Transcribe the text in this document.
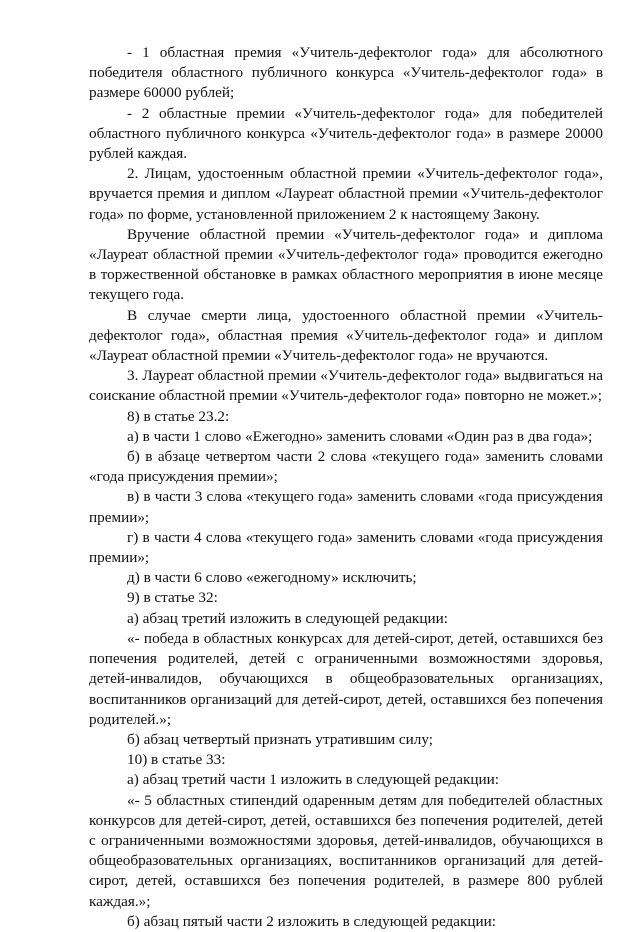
- 1 областная премия «Учитель-дефектолог года» для абсолютного победителя областного публичного конкурса «Учитель-дефектолог года» в размере 60000 рублей;

- 2 областные премии «Учитель-дефектолог года» для победителей областного публичного конкурса «Учитель-дефектолог года» в размере 20000 рублей каждая.

2. Лицам, удостоенным областной премии «Учитель-дефектолог года», вручается премия и диплом «Лауреат областной премии «Учитель-дефектолог года» по форме, установленной приложением 2 к настоящему Закону.

Вручение областной премии «Учитель-дефектолог года» и диплома «Лауреат областной премии «Учитель-дефектолог года» проводится ежегодно в торжественной обстановке в рамках областного мероприятия в июне месяце текущего года.

В случае смерти лица, удостоенного областной премии «Учитель-дефектолог года», областная премия «Учитель-дефектолог года» и диплом «Лауреат областной премии «Учитель-дефектолог года» не вручаются.

3. Лауреат областной премии «Учитель-дефектолог года» выдвигаться на соискание областной премии «Учитель-дефектолог года» повторно не может.»;

8) в статье 23.2:

а) в части 1 слово «Ежегодно» заменить словами «Один раз в два года»;

б) в абзаце четвертом части 2 слова «текущего года» заменить словами «года присуждения премии»;

в) в части 3 слова «текущего года» заменить словами «года присуждения премии»;

г) в части 4 слова «текущего года» заменить словами «года присуждения премии»;

д) в части 6 слово «ежегодному» исключить;

9) в статье 32:

а) абзац третий изложить в следующей редакции:

«- победа в областных конкурсах для детей-сирот, детей, оставшихся без попечения родителей, детей с ограниченными возможностями здоровья, детей-инвалидов, обучающихся в общеобразовательных организациях, воспитанников организаций для детей-сирот, детей, оставшихся без попечения родителей.»;

б) абзац четвертый признать утратившим силу;

10) в статье 33:

а) абзац третий части 1 изложить в следующей редакции:

«- 5 областных стипендий одаренным детям для победителей областных конкурсов для детей-сирот, детей, оставшихся без попечения родителей, детей с ограниченными возможностями здоровья, детей-инвалидов, обучающихся в общеобразовательных организациях, воспитанников организаций для детей-сирот, детей, оставшихся без попечения родителей, в размере 800 рублей каждая.»;

б) абзац пятый части 2 изложить в следующей редакции:
